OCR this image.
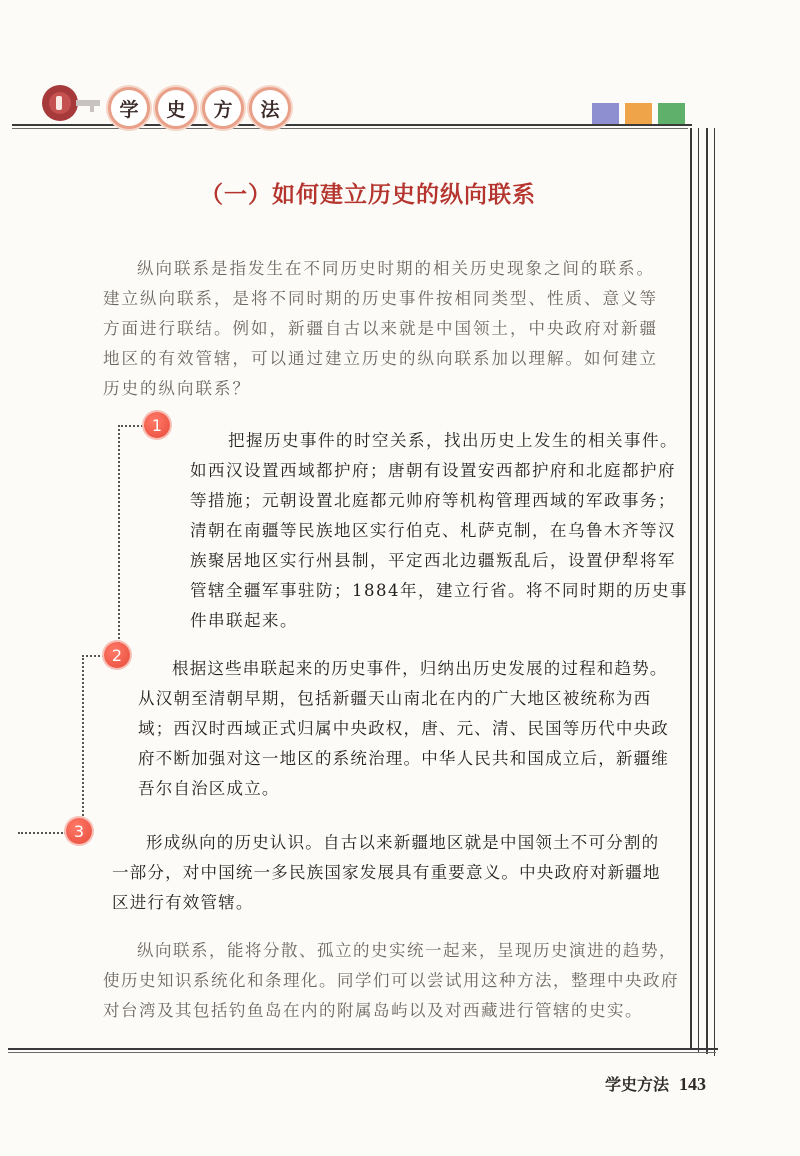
学	史	方	法
（一）如何建立历史的纵向联系
纵向联系是指发生在不同历史时期的相关历史现象之间的联系。
建立纵向联系，是将不同时期的历史事件按相同类型、性质、意义等
方面进行联结。例如，新疆自古以来就是中国领土，中央政府对新疆
地区的有效管辖，可以通过建立历史的纵向联系加以理解。如何建立
历史的纵向联系？
1
把握历史事件的时空关系，找出历史上发生的相关事件。
如西汉设置西域都护府；唐朝有设置安西都护府和北庭都护府
等措施；元朝设置北庭都元帅府等机构管理西域的军政事务；
清朝在南疆等民族地区实行伯克、札萨克制，在乌鲁木齐等汉
族聚居地区实行州县制，平定西北边疆叛乱后，设置伊犁将军
管辖全疆军事驻防；1884年，建立行省。将不同时期的历史事
件串联起来。
2
根据这些串联起来的历史事件，归纳出历史发展的过程和趋势。
从汉朝至清朝早期，包括新疆天山南北在内的广大地区被统称为西
域；西汉时西域正式归属中央政权，唐、元、清、民国等历代中央政
府不断加强对这一地区的系统治理。中华人民共和国成立后，新疆维
吾尔自治区成立。
3
形成纵向的历史认识。自古以来新疆地区就是中国领土不可分割的
一部分，对中国统一多民族国家发展具有重要意义。中央政府对新疆地
区进行有效管辖。
纵向联系，能将分散、孤立的史实统一起来，呈现历史演进的趋势，
使历史知识系统化和条理化。同学们可以尝试用这种方法，整理中央政府
对台湾及其包括钓鱼岛在内的附属岛屿以及对西藏进行管辖的史实。
学史方法 143
